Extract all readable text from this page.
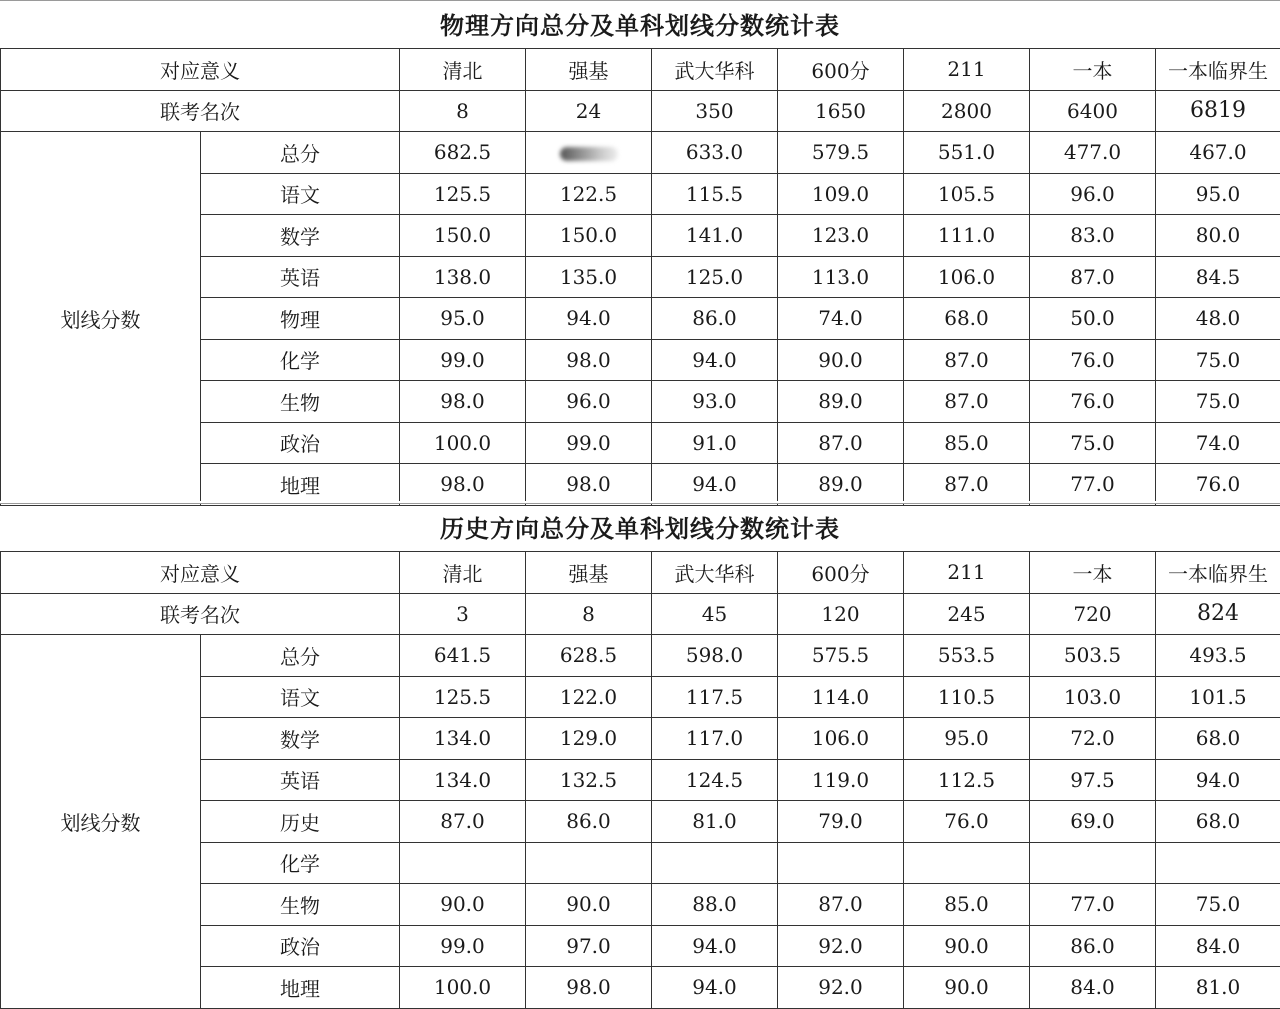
物理方向总分及单科划线分数统计表
对应意义		清北	强基	武大华科	600分	211	一本	一本临界生
联考名次		8	24	350	1650	2800	6400	6819
划线分数	总分	682.5		633.0	579.5	551.0	477.0	467.0
	语文	125.5	122.5	115.5	109.0	105.5	96.0	95.0
	数学	150.0	150.0	141.0	123.0	111.0	83.0	80.0
	英语	138.0	135.0	125.0	113.0	106.0	87.0	84.5
	物理	95.0	94.0	86.0	74.0	68.0	50.0	48.0
	化学	99.0	98.0	94.0	90.0	87.0	76.0	75.0
	生物	98.0	96.0	93.0	89.0	87.0	76.0	75.0
	政治	100.0	99.0	91.0	87.0	85.0	75.0	74.0
	地理	98.0	98.0	94.0	89.0	87.0	77.0	76.0
历史方向总分及单科划线分数统计表
对应意义		清北	强基	武大华科	600分	211	一本	一本临界生
联考名次		3	8	45	120	245	720	824
划线分数	总分	641.5	628.5	598.0	575.5	553.5	503.5	493.5
	语文	125.5	122.0	117.5	114.0	110.5	103.0	101.5
	数学	134.0	129.0	117.0	106.0	95.0	72.0	68.0
	英语	134.0	132.5	124.5	119.0	112.5	97.5	94.0
	历史	87.0	86.0	81.0	79.0	76.0	69.0	68.0
	化学							
	生物	90.0	90.0	88.0	87.0	85.0	77.0	75.0
	政治	99.0	97.0	94.0	92.0	90.0	86.0	84.0
	地理	100.0	98.0	94.0	92.0	90.0	84.0	81.0
